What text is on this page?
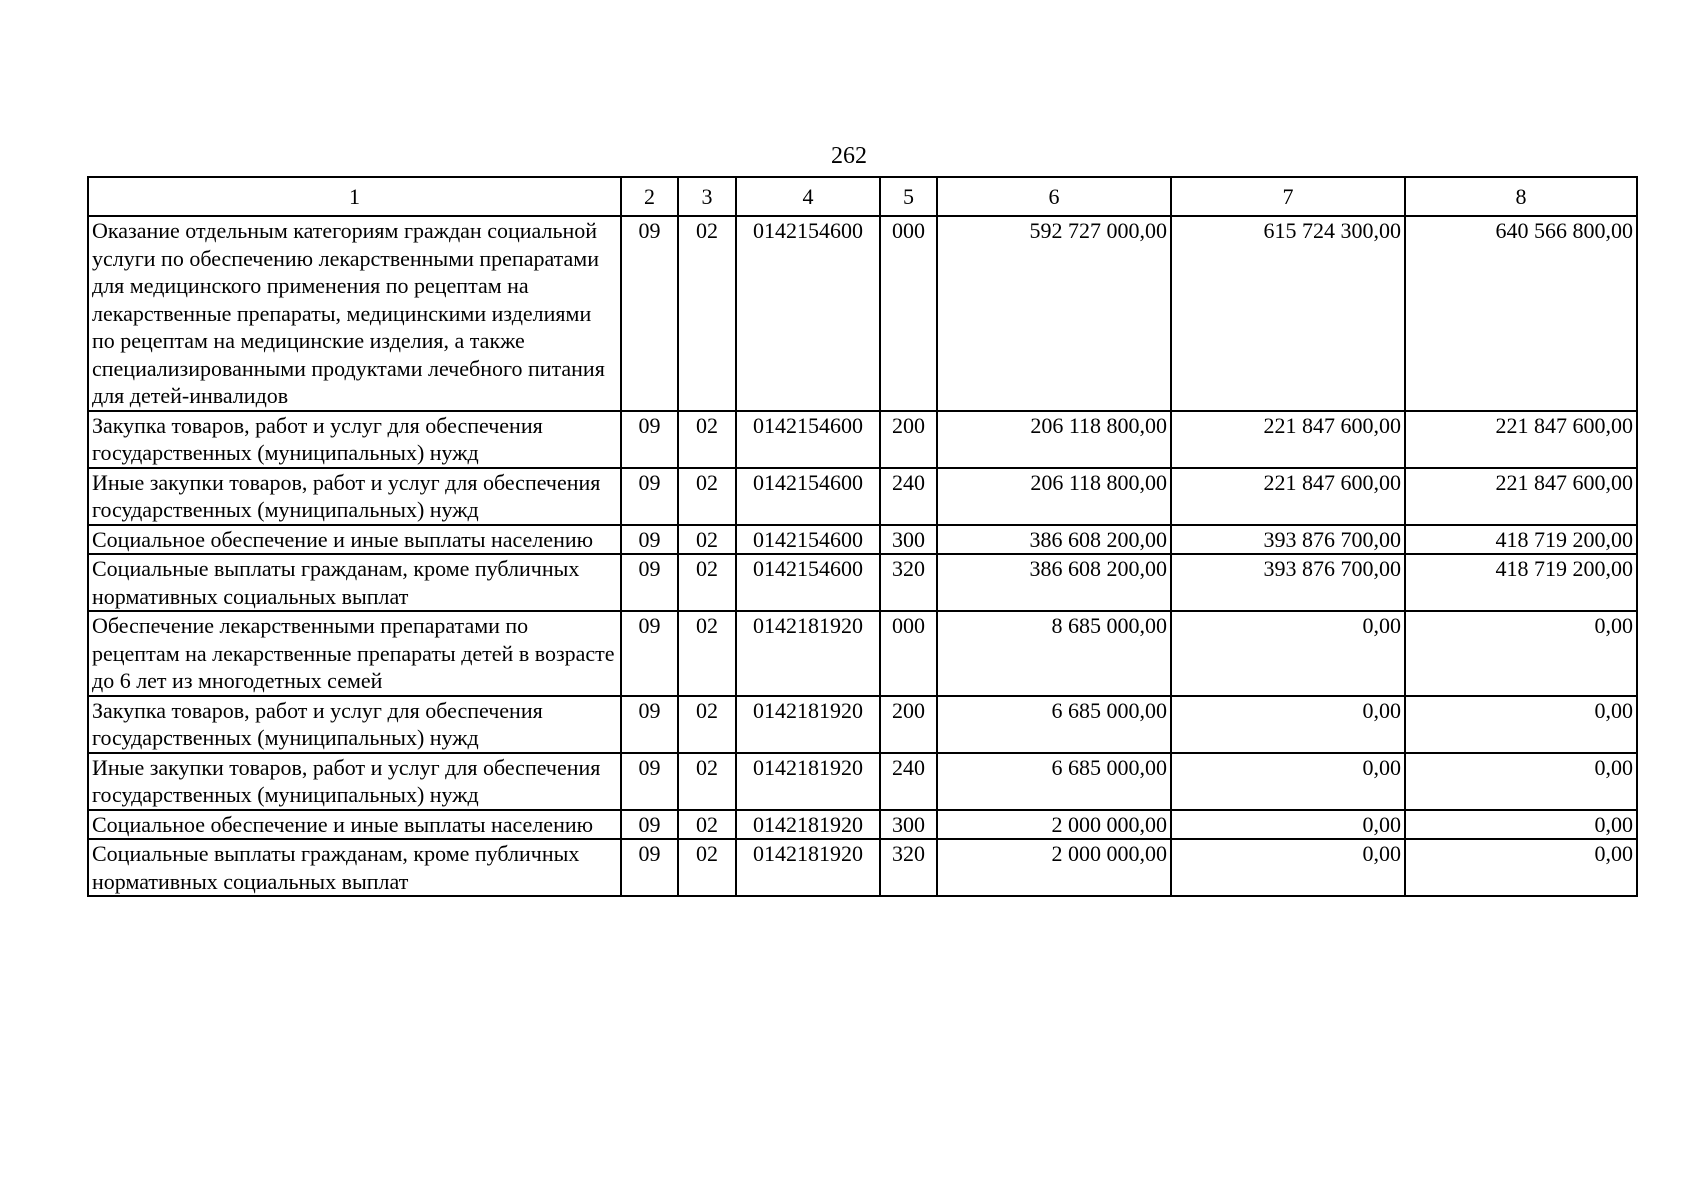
262
1	2	3	4	5	6	7	8
Оказание отдельным категориям граждан социальной услуги по обеспечению лекарственными препаратами для медицинского применения по рецептам на лекарственные препараты, медицинскими изделиями по рецептам на медицинские изделия, а также специализированными продуктами лечебного питания для детей-инвалидов	09	02	0142154600	000	592 727 000,00	615 724 300,00	640 566 800,00
Закупка товаров, работ и услуг для обеспечения государственных (муниципальных) нужд	09	02	0142154600	200	206 118 800,00	221 847 600,00	221 847 600,00
Иные закупки товаров, работ и услуг для обеспечения государственных (муниципальных) нужд	09	02	0142154600	240	206 118 800,00	221 847 600,00	221 847 600,00
Социальное обеспечение и иные выплаты населению	09	02	0142154600	300	386 608 200,00	393 876 700,00	418 719 200,00
Социальные выплаты гражданам, кроме публичных нормативных социальных выплат	09	02	0142154600	320	386 608 200,00	393 876 700,00	418 719 200,00
Обеспечение лекарственными препаратами по рецептам на лекарственные препараты детей в возрасте до 6 лет из многодетных семей	09	02	0142181920	000	8 685 000,00	0,00	0,00
Закупка товаров, работ и услуг для обеспечения государственных (муниципальных) нужд	09	02	0142181920	200	6 685 000,00	0,00	0,00
Иные закупки товаров, работ и услуг для обеспечения государственных (муниципальных) нужд	09	02	0142181920	240	6 685 000,00	0,00	0,00
Социальное обеспечение и иные выплаты населению	09	02	0142181920	300	2 000 000,00	0,00	0,00
Социальные выплаты гражданам, кроме публичных нормативных социальных выплат	09	02	0142181920	320	2 000 000,00	0,00	0,00
